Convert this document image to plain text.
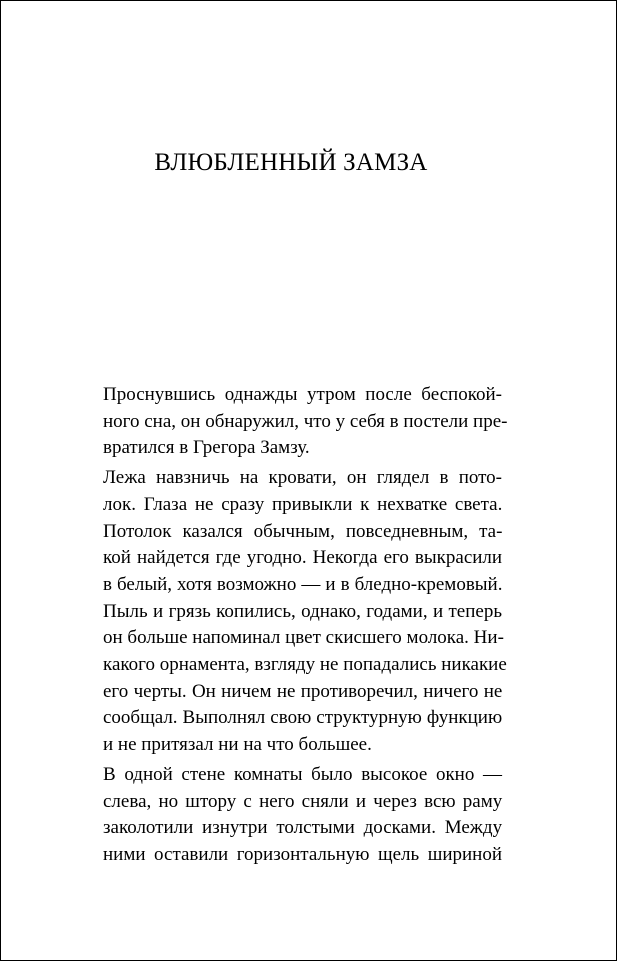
ВЛЮБЛЕННЫЙ ЗАМЗА

Проснувшись однажды утром после беспокой-
ного сна, он обнаружил, что у себя в постели пре-
вратился в Грегора Замзу.

Лежа навзничь на кровати, он глядел в пото-
лок. Глаза не сразу привыкли к нехватке света.
Потолок казался обычным, повседневным, та-
кой найдется где угодно. Некогда его выкрасили
в белый, хотя возможно — и в бледно-кремовый.
Пыль и грязь копились, однако, годами, и теперь
он больше напоминал цвет скисшего молока. Ни-
какого орнамента, взгляду не попадались никакие
его черты. Он ничем не противоречил, ничего не
сообщал. Выполнял свою структурную функцию
и не притязал ни на что большее.

В одной стене комнаты было высокое окно —
слева, но штору с него сняли и через всю раму
заколотили изнутри толстыми досками. Между
ними оставили горизонтальную щель шириной
